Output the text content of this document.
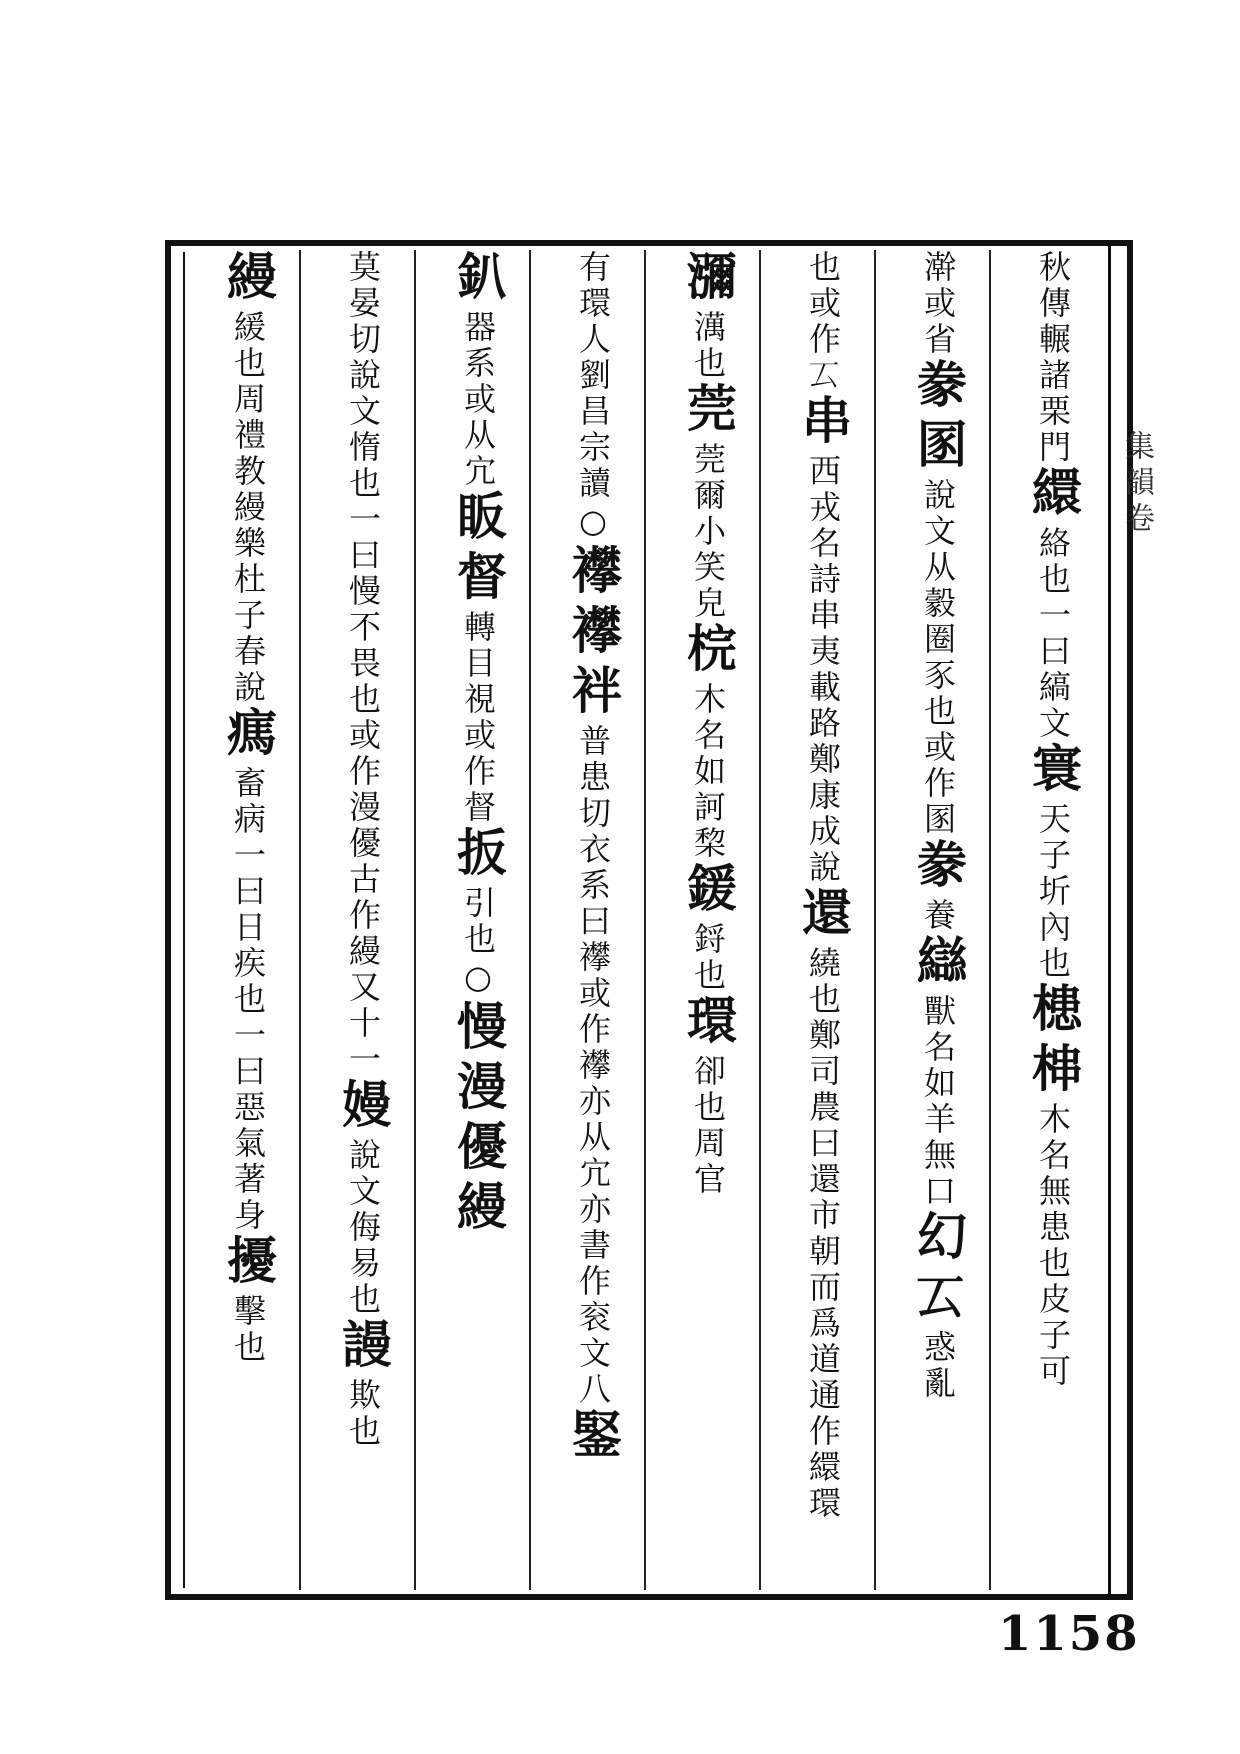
集韻卷
秋傳輾諸栗門繯絡也一曰縞文寰天子圻內也槵梙木名無患也皮子可
澣或省豢圂說文从豰圈豕也或作圂豢養䜌獸名如羊無口幻𠫔惑亂
也或作𠫔串西戎名詩串夷載路鄭康成說還繞也鄭司農曰還市朝而爲道通作繯環
瀰澫也莞莞爾小笑皃梡木名如訶棃鍰鋝也環卻也周官
有環人劉昌宗讀○襻襻袢普患切衣系曰襻或作襻亦从宂亦書作衮文八鋻
釟器系或从宂眅督轉目視或作督扳引也○慢漫優縵
莫晏切說文惰也一曰慢不畏也或作漫優古作縵又十一嫚說文侮易也謾欺也
縵緩也周禮教縵樂杜子春說㾺畜病一曰日疾也一曰惡氣著身擾擊也
1158
